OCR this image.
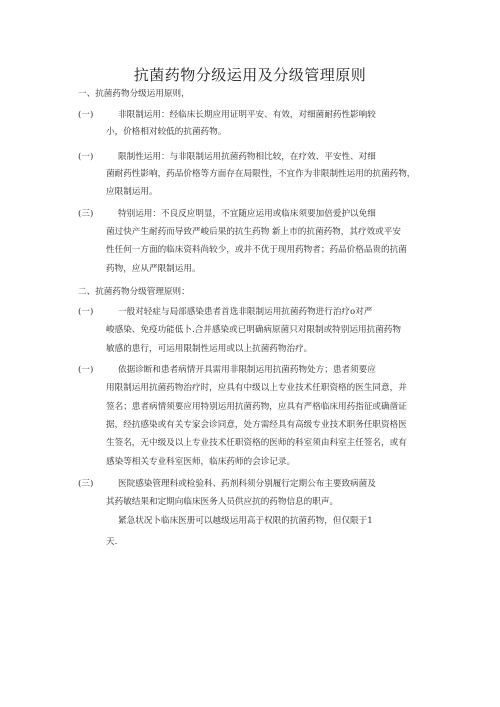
抗菌药物分级运用及分级管理原则
一、抗菌药物分级运用原则，
(一)	非限制运用：经临床长期应用证明平安、有效，对细菌耐药性影响较
小，价格相对较低的抗菌药物。
(一)	限制性运用：与非限制运用抗菌药物相比较，在疗效、平安性、对细
菌耐药性影响，药品价格等方面存在局限性，不宜作为非限制性运用的抗菌药物，
应限制运用。
(三)	特别运用：不良反应明显，不宜随应运用或临床须要加倍爱护以免细
菌过快产生耐药而导致严峻后果的抗生药物 新上市的抗菌药物，其疗效或平安
性任何一方面的临床资料尚较少，或并不优于现用药物者；药品价格品贵的抗菌
药物，应从严限制运用。
二、抗菌药物分级管理原则：
(一)	一般对轻症与局部感染患者首选非限制运用抗菌药物进行治疗o对严
峻感染、免疫功能低卜.合并感染或已明确病原菌只对限制或特别运用抗菌药物
敏感的患行，可运用限制性运用或以上抗菌药物治疗。
(一)	依据诊断和患者病情开具需用非限制运用抗菌药物处方；患者须要应
用限制运用抗菌药物治疗时，应具有中级以上专业技术任职资格的医生同意，并
签名；患者病情须要应用特别运用抗菌药物，应具有严格临床用药指征或确凿证
据，经抗感染或有关专家会诊同意，处方需经具有高级专业技术职务任职资格医
生签名，无中级及以上专业技术任职资格的医师的科室须由科室主任签名，或有
感染等相关专业科室医师，临床药师的会诊记录。
(三)	医院感染管理科或检验科、药剂科须分别履行定期公布主要致病菌及
其药敏结果和定期向临床医务人员供应抗的药物信息的职声。
紧急状况卜临床医册可以越级运用高于权限的抗菌药物，但仅限于1
天.
